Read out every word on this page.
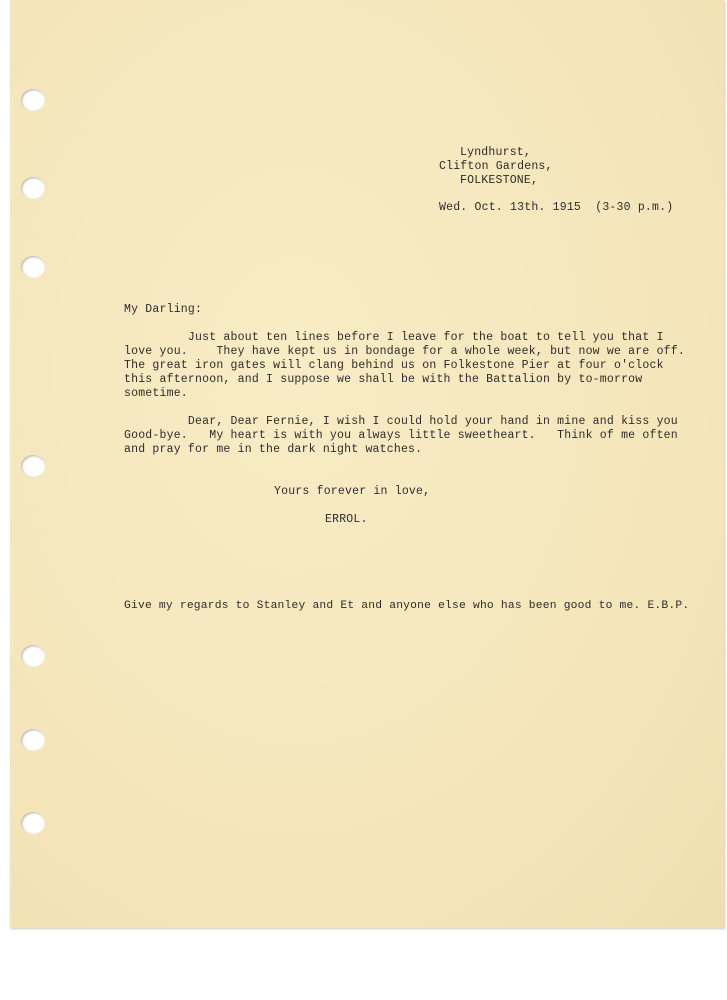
Lyndhurst,
Clifton Gardens,
FOLKESTONE,
Wed. Oct. 13th. 1915  (3-30 p.m.)
My Darling:
Just about ten lines before I leave for the boat to tell you that I
love you.    They have kept us in bondage for a whole week, but now we are off.
The great iron gates will clang behind us on Folkestone Pier at four o'clock
this afternoon, and I suppose we shall be with the Battalion by to-morrow
sometime.
Dear, Dear Fernie, I wish I could hold your hand in mine and kiss you
Good-bye.   My heart is with you always little sweetheart.   Think of me often
and pray for me in the dark night watches.
Yours forever in love,
ERROL.
Give my regards to Stanley and Et and anyone else who has been good to me. E.B.P.
